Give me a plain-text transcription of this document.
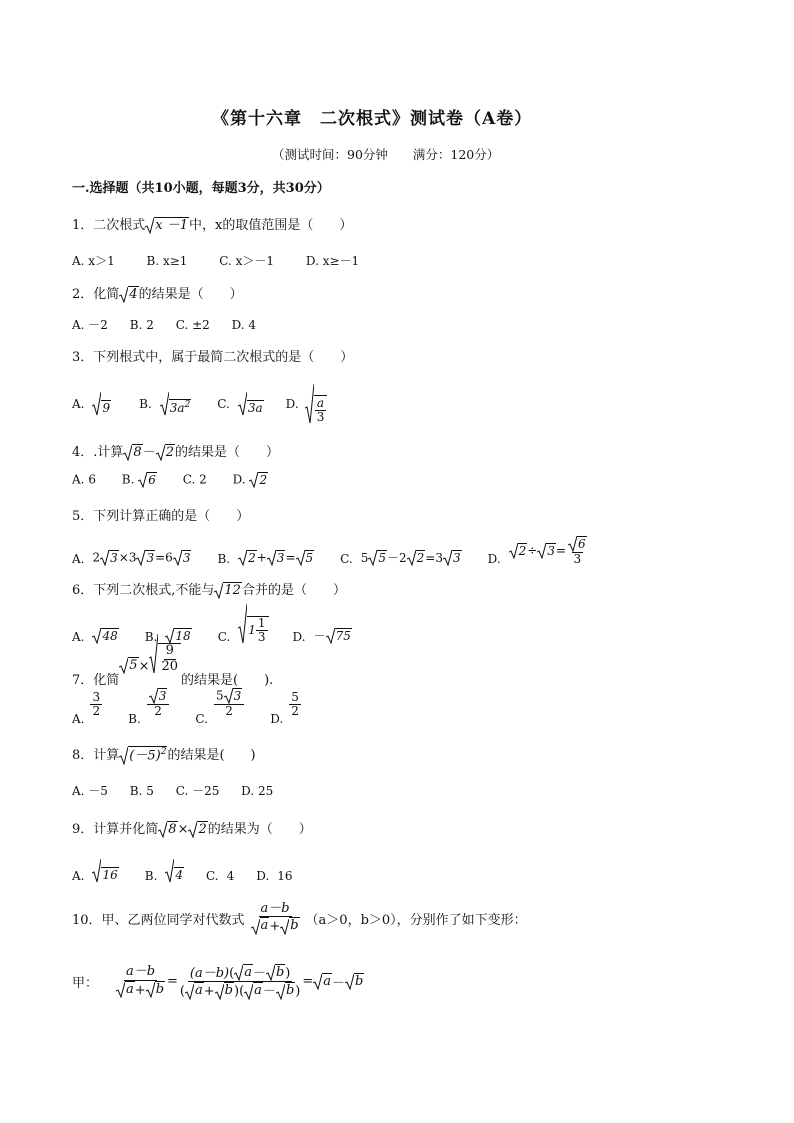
《第十六章　二次根式》测试卷（A卷）
（测试时间：90分钟　　满分：120分）
一.选择题（共10小题，每题3分，共30分）
1．二次根式 x －1 中，x的取值范围是（　　）
A. x＞1	B. x≥1	C. x＞－1	D. x≥－1
2．化简 4 的结果是（　　）
A. －2 B. 2 C. ±2 D. 4
3．下列根式中，属于最简二次根式的是（　　）
A. 9 B. $3a^2$ C. 3a D. $\frac{a}{3}$
4．.计算 8 － 2 的结果是（　　）
A. 6 B. 6 C. 2 D. 2
5．下列计算正确的是（　　）
A. 2 3 ×3 3 =6 3 B. 2 + 3 = 5 C. 5 5 －2 2 =3 3 D.
$2 \div 3 = \frac{6}{3}$
6．下列二次根式,不能与 12 合并的是（　　）
A. 48 B. 18 C.
$1 \frac{1}{3} D$. － 75
7．化简
$5 \times \frac{9}{20}$
的结果是(　　).
A.
$\frac{3}{2}$
B.
$\frac{3}{2}$
C.
$\frac{5 3}{2}$
D.
$\frac{5}{2}$
8．计算 $(-5)^2$ 的结果是(　　)
A. －5 B. 5 C. －25 D. 25
9．计算并化简 8 × 2 的结果为（　　）
A. 16 B. 4 C. 4 D. 16
10．甲、乙两位同学对代数式 $\frac{a-b}{a + b} (a>0$，b＞0），分别作了如下变形：
甲： $\frac{a-b}{a + b} = \frac{(a-b) ( a - b )}{( a + b )( a - b )} = a - b$
